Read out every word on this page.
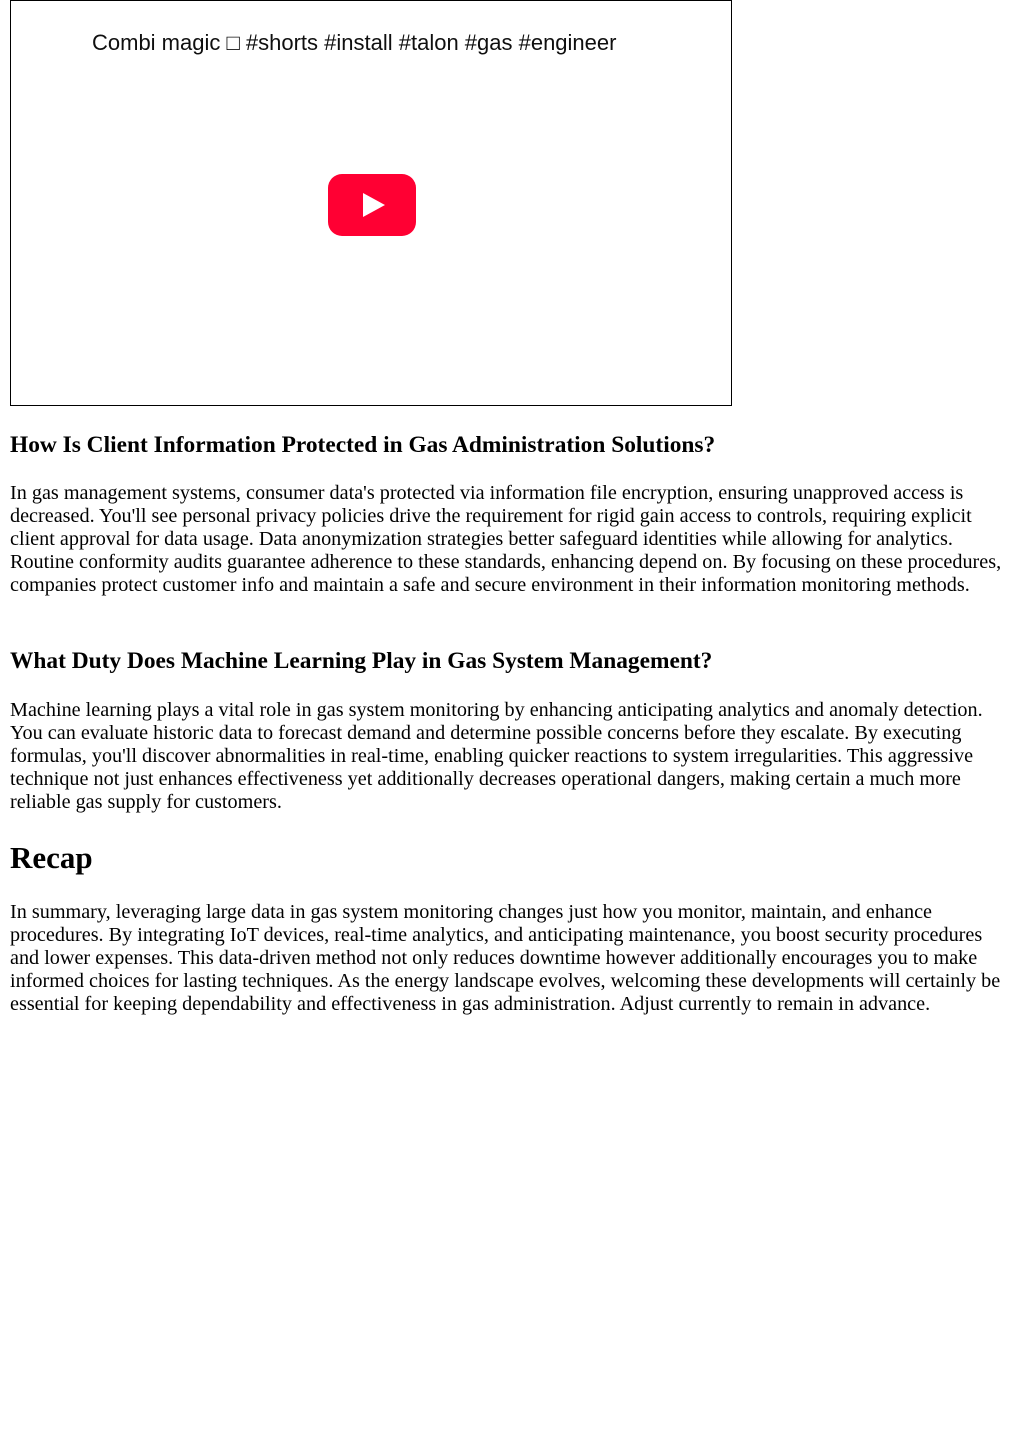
Combi magic □ #shorts #install #talon #gas #engineer
How Is Client Information Protected in Gas Administration Solutions?

In gas management systems, consumer data's protected via information file encryption, ensuring unapproved access is decreased. You'll see personal privacy policies drive the requirement for rigid gain access to controls, requiring explicit client approval for data usage. Data anonymization strategies better safeguard identities while allowing for analytics. Routine conformity audits guarantee adherence to these standards, enhancing depend on. By focusing on these procedures, companies protect customer info and maintain a safe and secure environment in their information monitoring methods.

What Duty Does Machine Learning Play in Gas System Management?

Machine learning plays a vital role in gas system monitoring by enhancing anticipating analytics and anomaly detection. You can evaluate historic data to forecast demand and determine possible concerns before they escalate. By executing formulas, you'll discover abnormalities in real-time, enabling quicker reactions to system irregularities. This aggressive technique not just enhances effectiveness yet additionally decreases operational dangers, making certain a much more reliable gas supply for customers.

Recap

In summary, leveraging large data in gas system monitoring changes just how you monitor, maintain, and enhance procedures. By integrating IoT devices, real-time analytics, and anticipating maintenance, you boost security procedures and lower expenses. This data-driven method not only reduces downtime however additionally encourages you to make informed choices for lasting techniques. As the energy landscape evolves, welcoming these developments will certainly be essential for keeping dependability and effectiveness in gas administration. Adjust currently to remain in advance.
